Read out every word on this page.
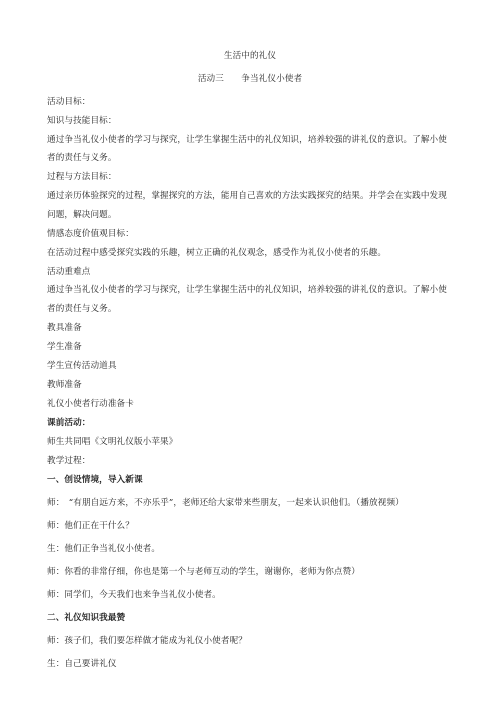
生活中的礼仪
活动三　　争当礼仪小使者
活动目标：
知识与技能目标：
通过争当礼仪小使者的学习与探究，让学生掌握生活中的礼仪知识，培养较强的讲礼仪的意识。了解小使
者的责任与义务。
过程与方法目标：
通过亲历体验探究的过程，掌握探究的方法，能用自己喜欢的方法实践探究的结果。并学会在实践中发现
问题，解决问题。
情感态度价值观目标：
在活动过程中感受探究实践的乐趣，树立正确的礼仪观念，感受作为礼仪小使者的乐趣。
活动重难点
通过争当礼仪小使者的学习与探究，让学生掌握生活中的礼仪知识，培养较强的讲礼仪的意识。了解小使
者的责任与义务。
教具准备
学生准备
学生宣传活动道具
教师准备
礼仪小使者行动准备卡
课前活动：
师生共同唱《文明礼仪版小苹果》
教学过程：
一、创设情境，导入新课
师：　“有朋自远方来，不亦乐乎”，老师还给大家带来些朋友，一起来认识他们。（播放视频）
师：他们正在干什么？
生：他们正争当礼仪小使者。
师：你看的非常仔细，你也是第一个与老师互动的学生，谢谢你，老师为你点赞）
师：同学们，今天我们也来争当礼仪小使者。
二、礼仪知识我最赞
师：孩子们，我们要怎样做才能成为礼仪小使者呢？
生：自己要讲礼仪
